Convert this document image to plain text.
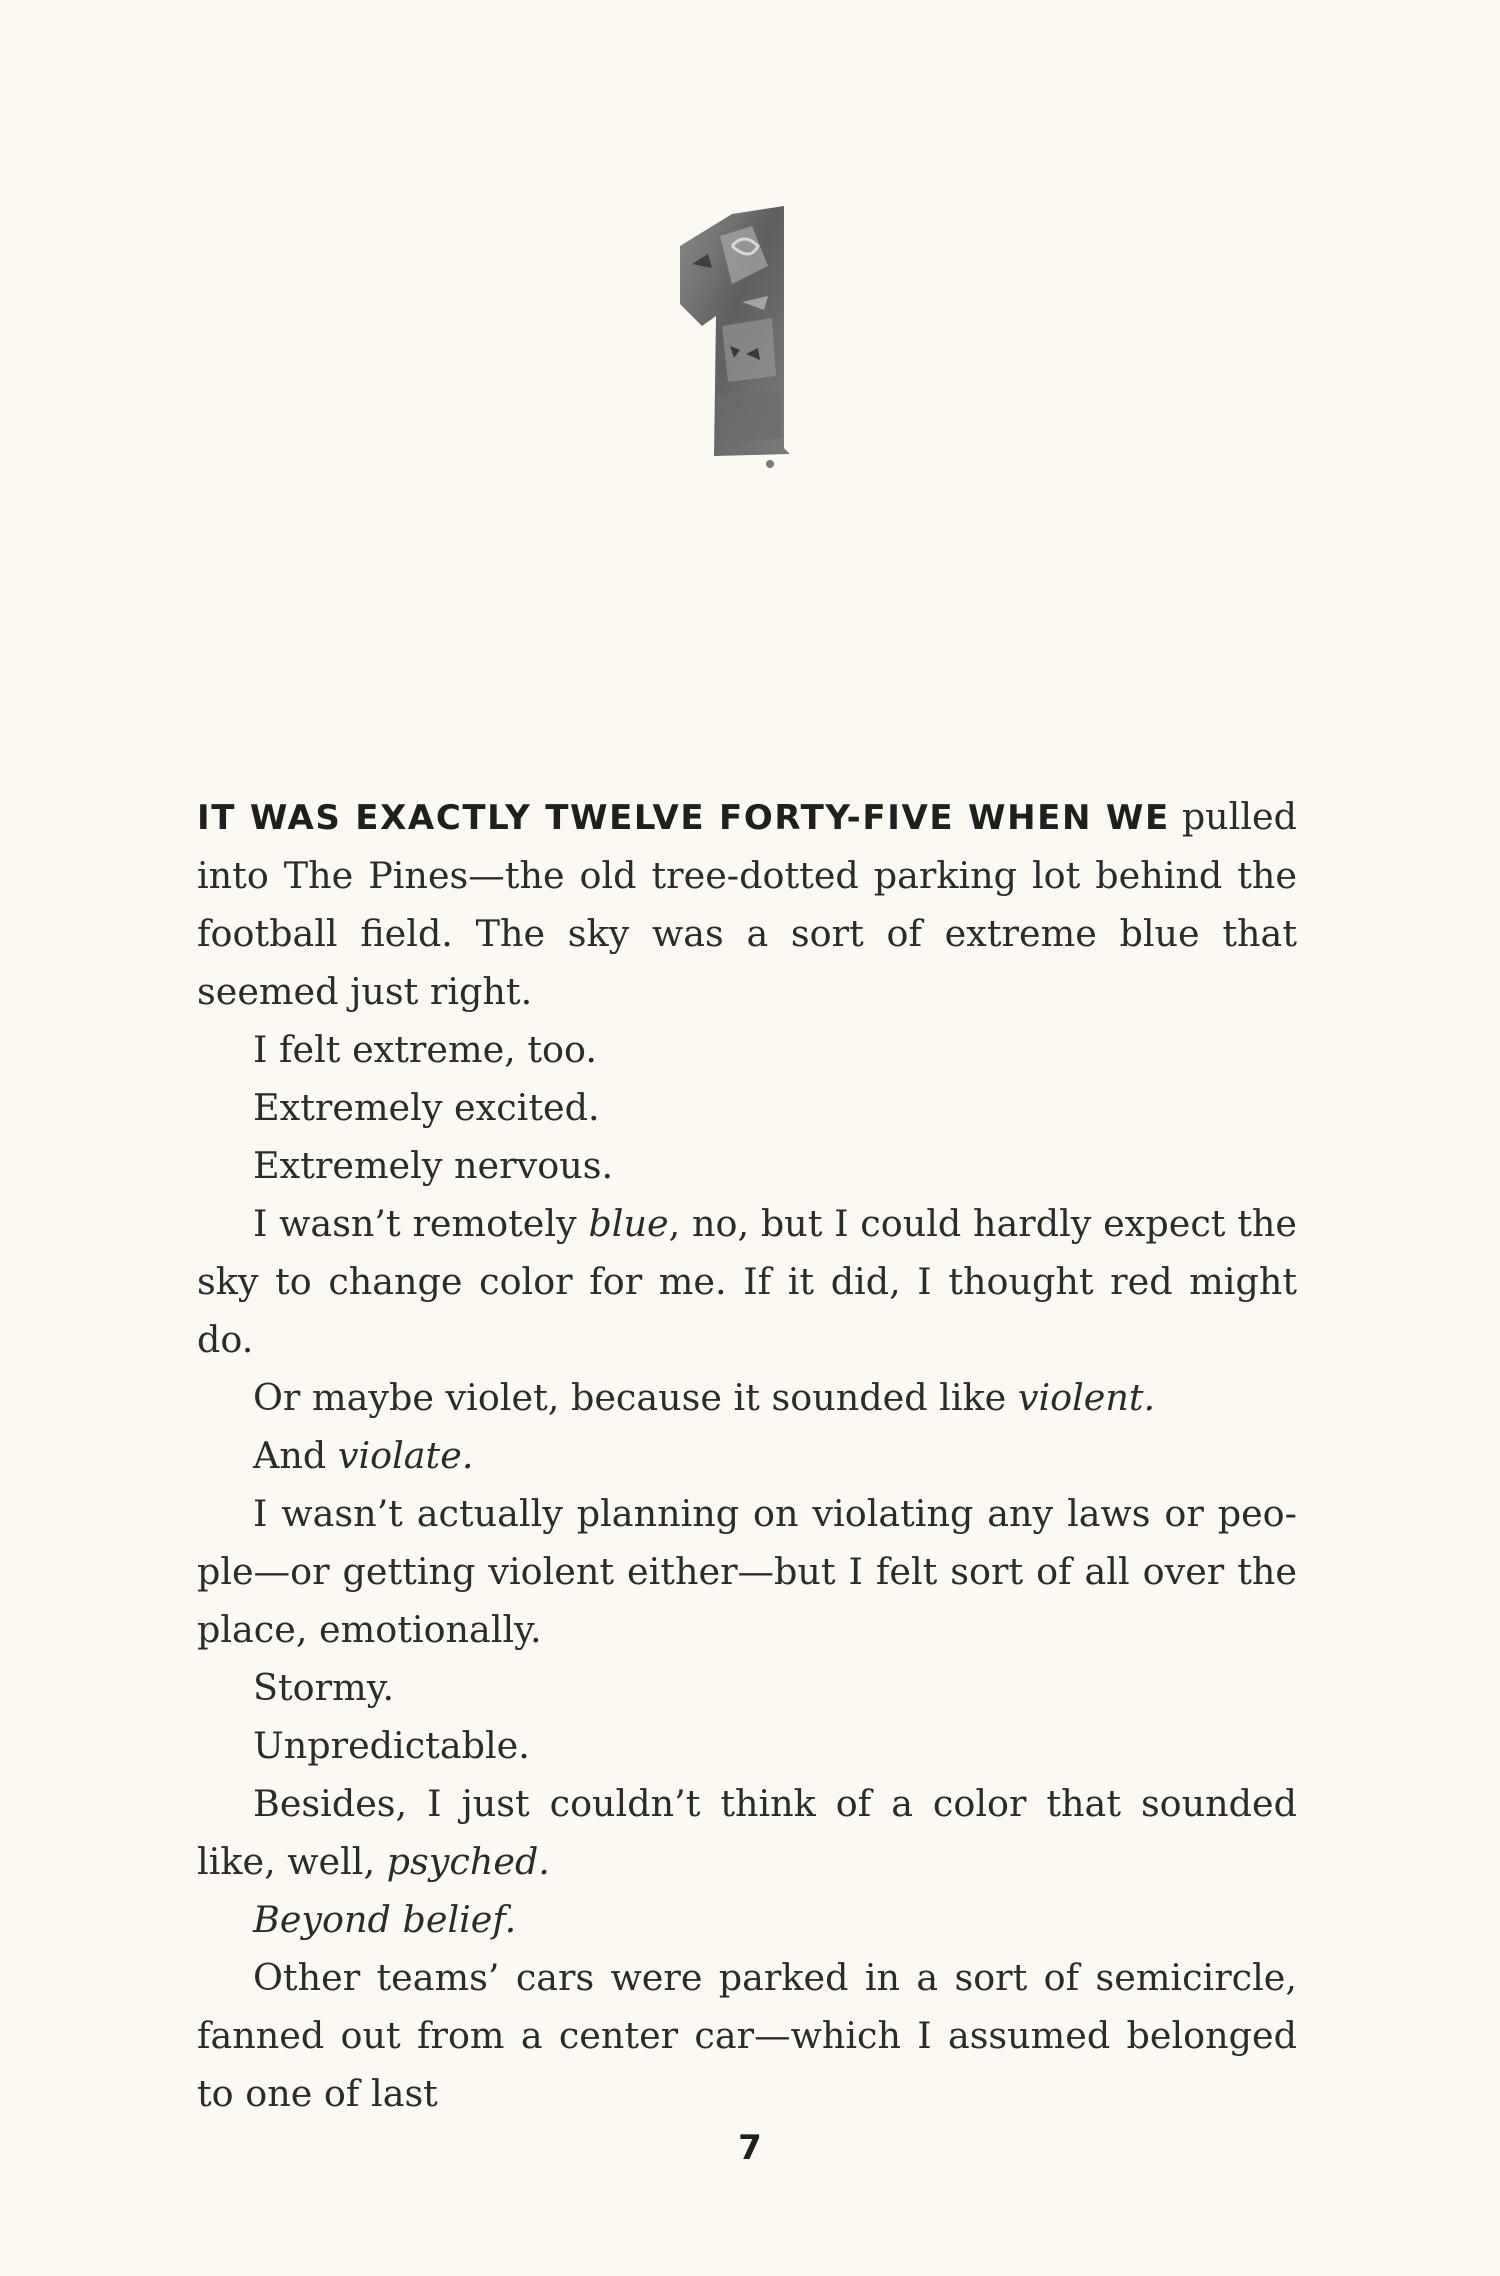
IT WAS EXACTLY TWELVE FORTY-FIVE WHEN WE pulled into The Pines—the old tree-dotted parking lot behind the football field. The sky was a sort of extreme blue that seemed just right.

I felt extreme, too.

Extremely excited.

Extremely nervous.

I wasn’t remotely blue, no, but I could hardly expect the sky to change color for me. If it did, I thought red might do.

Or maybe violet, because it sounded like violent.

And violate.

I wasn’t actually planning on violating any laws or peo-ple—or getting violent either—but I felt sort of all over the place, emotionally.

Stormy.

Unpredictable.

Besides, I just couldn’t think of a color that sounded like, well, psyched.

Beyond belief.

Other teams’ cars were parked in a sort of semicircle, fanned out from a center car—which I assumed belonged to one of last

7
